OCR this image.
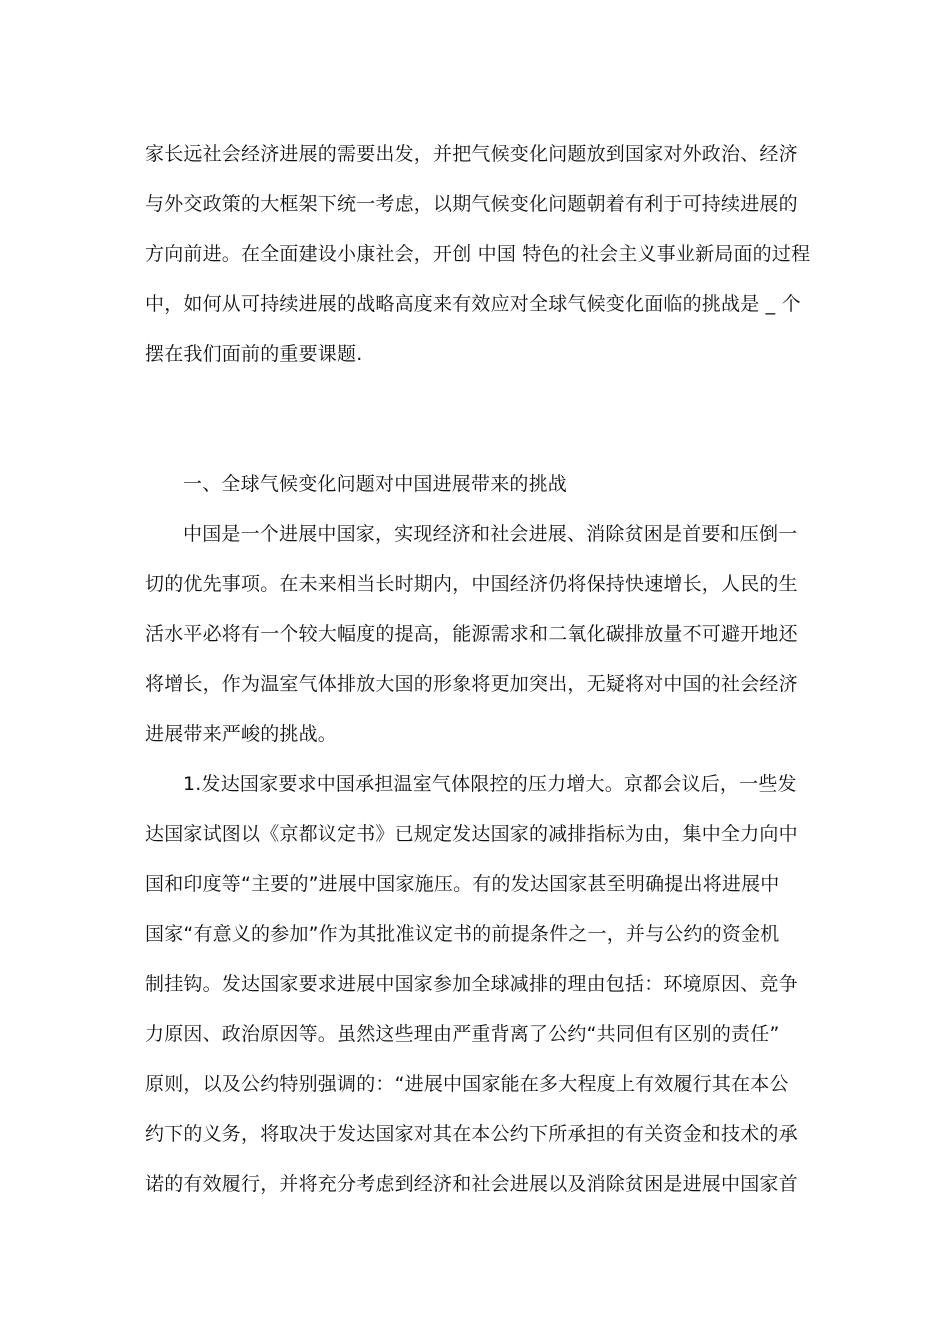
家长远社会经济进展的需要出发，并把气候变化问题放到国家对外政治、经济
与外交政策的大框架下统一考虑，以期气候变化问题朝着有利于可持续进展的
方向前进。在全面建设小康社会，开创 中国 特色的社会主义事业新局面的过程
中，如何从可持续进展的战略高度来有效应对全球气候变化面临的挑战是 _ 个
摆在我们面前的重要课题.
一、全球气候变化问题对中国进展带来的挑战
中国是一个进展中国家，实现经济和社会进展、消除贫困是首要和压倒一
切的优先事项。在未来相当长时期内，中国经济仍将保持快速增长，人民的生
活水平必将有一个较大幅度的提高，能源需求和二氧化碳排放量不可避开地还
将增长，作为温室气体排放大国的形象将更加突出，无疑将对中国的社会经济
进展带来严峻的挑战。
1.发达国家要求中国承担温室气体限控的压力增大。京都会议后，一些发
达国家试图以《京都议定书》已规定发达国家的减排指标为由，集中全力向中
国和印度等“主要的”进展中国家施压。有的发达国家甚至明确提出将进展中
国家“有意义的参加”作为其批准议定书的前提条件之一，并与公约的资金机
制挂钩。发达国家要求进展中国家参加全球减排的理由包括：环境原因、竞争
力原因、政治原因等。虽然这些理由严重背离了公约“共同但有区别的责任”
原则，以及公约特别强调的：“进展中国家能在多大程度上有效履行其在本公
约下的义务，将取决于发达国家对其在本公约下所承担的有关资金和技术的承
诺的有效履行，并将充分考虑到经济和社会进展以及消除贫困是进展中国家首
